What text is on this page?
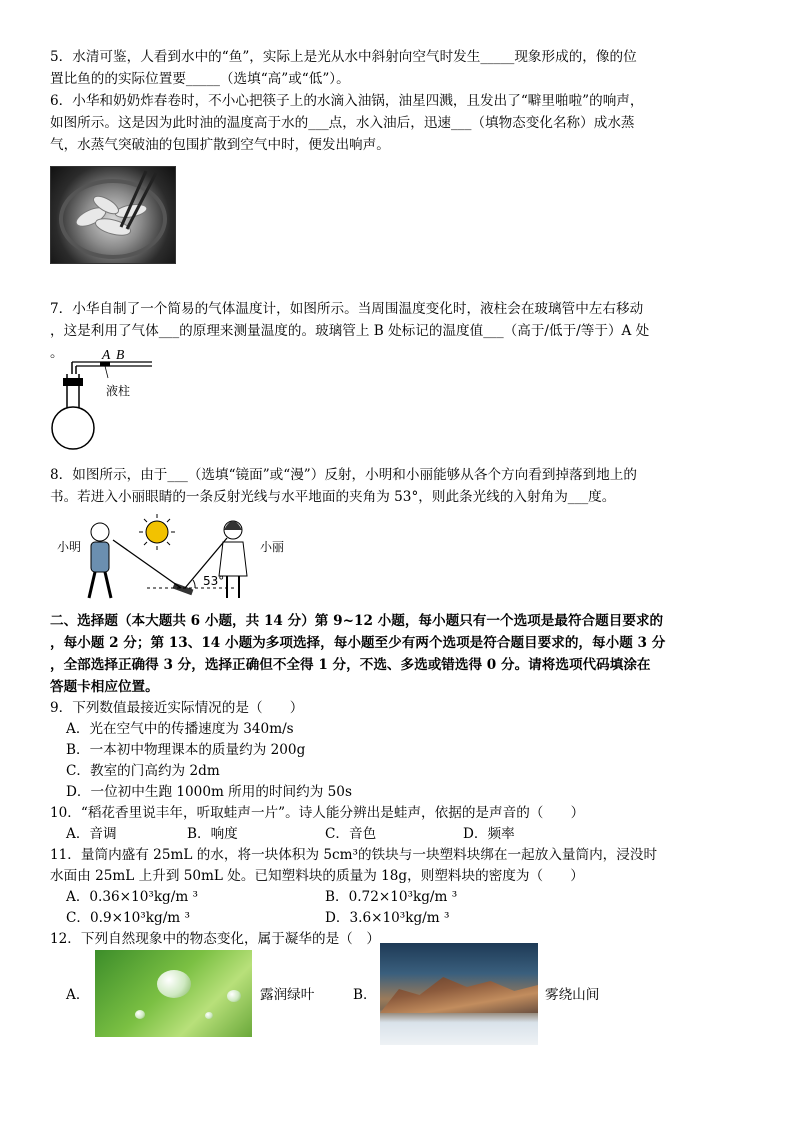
5．水清可鉴，人看到水中的“鱼”，实际上是光从水中斜射向空气时发生_____现象形成的，像的位
置比鱼的的实际位置要_____（选填“高”或“低”）。
6．小华和奶奶炸春卷时，不小心把筷子上的水滴入油锅，油星四溅，且发出了“噼里啪啦”的响声，
如图所示。这是因为此时油的温度高于水的___点，水入油后，迅速___（填物态变化名称）成水蒸
气，水蒸气突破油的包围扩散到空气中时，便发出响声。
7．小华自制了一个简易的气体温度计，如图所示。当周围温度变化时，液柱会在玻璃管中左右移动
，这是利用了气体___的原理来测量温度的。玻璃管上 B 处标记的温度值___（高于/低于/等于）A 处
。	A B
液柱
8．如图所示，由于___（选填“镜面”或“漫”）反射，小明和小丽能够从各个方向看到掉落到地上的
书。若进入小丽眼睛的一条反射光线与水平地面的夹角为 53°，则此条光线的入射角为___度。
小明	小丽
53°
二、选择题（本大题共 6 小题，共 14 分）第 9~12 小题，每小题只有一个选项是最符合题目要求的
，每小题 2 分；第 13、14 小题为多项选择，每小题至少有两个选项是符合题目要求的，每小题 3 分
，全部选择正确得 3 分，选择正确但不全得 1 分，不选、多选或错选得 0 分。请将选项代码填涂在
答题卡相应位置。
9．下列数值最接近实际情况的是（　　）
A．光在空气中的传播速度为 340m/s
B．一本初中物理课本的质量约为 200g
C．教室的门高约为 2dm
D．一位初中生跑 1000m 所用的时间约为 50s
10．“稻花香里说丰年，听取蛙声一片”。诗人能分辨出是蛙声，依据的是声音的（　　）
A．音调	B．响度	C．音色	D．频率
11．量筒内盛有 25mL 的水，将一块体积为 5cm³的铁块与一块塑料块绑在一起放入量筒内，浸没时
水面由 25mL 上升到 50mL 处。已知塑料块的质量为 18g，则塑料块的密度为（　　）
A．0.36×10³kg/m ³	B．0.72×10³kg/m ³
C．0.9×10³kg/m ³	D．3.6×10³kg/m ³
12．下列自然现象中的物态变化，属于凝华的是（　）
A．	露润绿叶	B．	雾绕山间
